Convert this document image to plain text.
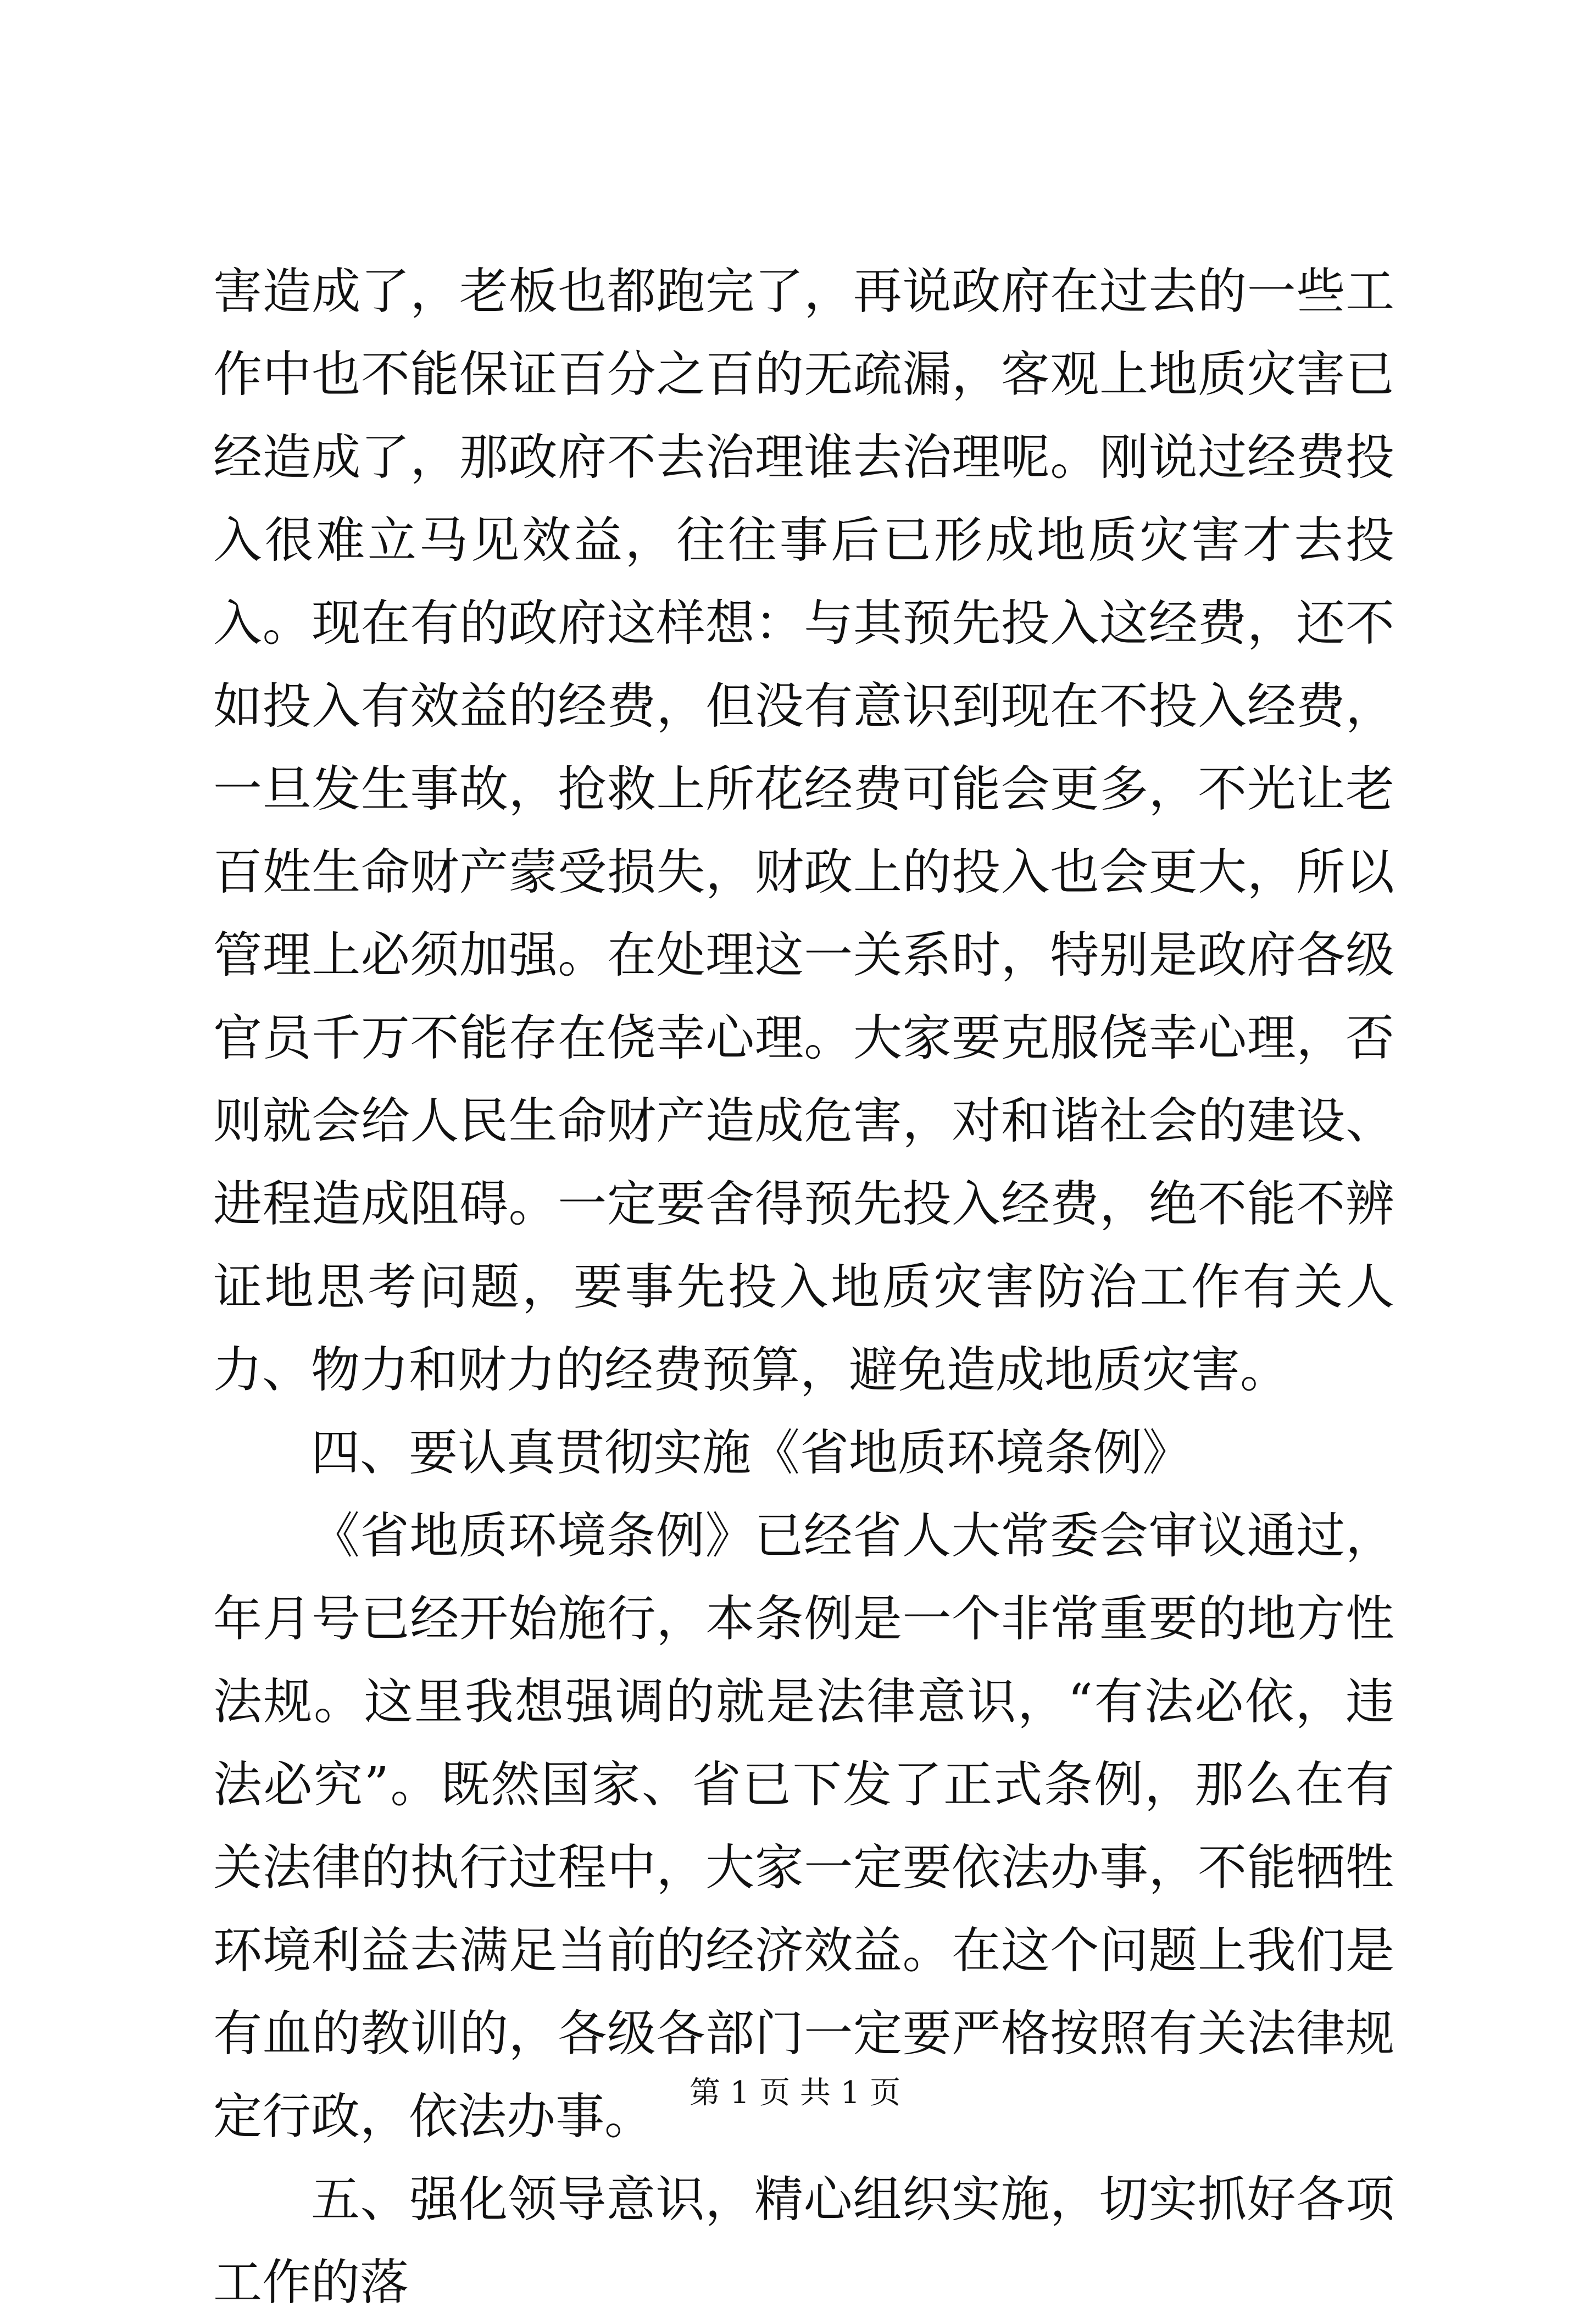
害造成了，老板也都跑完了，再说政府在过去的一些工作中也不能保证百分之百的无疏漏，客观上地质灾害已经造成了，那政府不去治理谁去治理呢。刚说过经费投入很难立马见效益，往往事后已形成地质灾害才去投入。现在有的政府这样想：与其预先投入这经费，还不如投入有效益的经费，但没有意识到现在不投入经费，一旦发生事故，抢救上所花经费可能会更多，不光让老百姓生命财产蒙受损失，财政上的投入也会更大，所以管理上必须加强。在处理这一关系时，特别是政府各级官员千万不能存在侥幸心理。大家要克服侥幸心理，否则就会给人民生命财产造成危害，对和谐社会的建设、进程造成阻碍。一定要舍得预先投入经费，绝不能不辨证地思考问题，要事先投入地质灾害防治工作有关人力、物力和财力的经费预算，避免造成地质灾害。

四、要认真贯彻实施《省地质环境条例》

《省地质环境条例》已经省人大常委会审议通过，年月号已经开始施行，本条例是一个非常重要的地方性法规。这里我想强调的就是法律意识，“有法必依，违法必究”。既然国家、省已下发了正式条例，那么在有关法律的执行过程中，大家一定要依法办事，不能牺牲环境利益去满足当前的经济效益。在这个问题上我们是有血的教训的，各级各部门一定要严格按照有关法律规定行政，依法办事。

五、强化领导意识，精心组织实施，切实抓好各项工作的落

第 1 页 共 1 页
